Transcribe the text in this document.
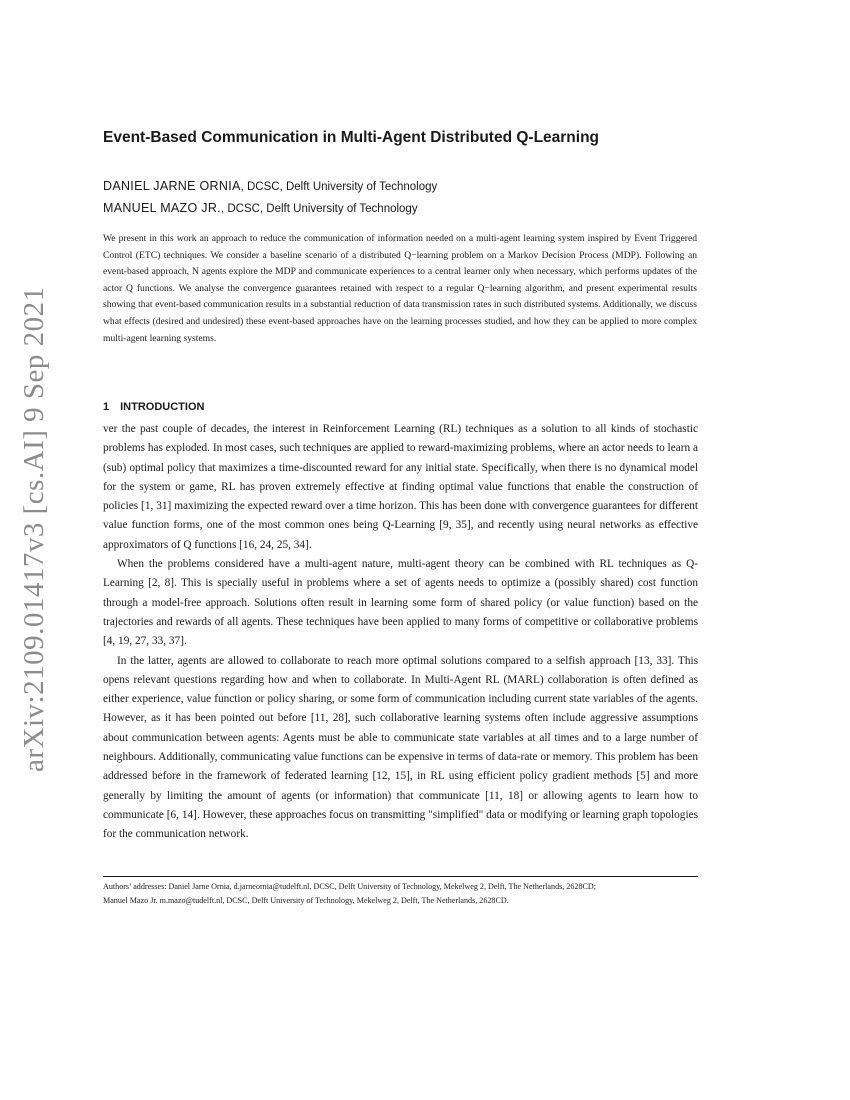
arXiv:2109.01417v3 [cs.AI] 9 Sep 2021
Event-Based Communication in Multi-Agent Distributed Q-Learning
DANIEL JARNE ORNIA, DCSC, Delft University of Technology
MANUEL MAZO JR., DCSC, Delft University of Technology
We present in this work an approach to reduce the communication of information needed on a multi-agent learning system inspired by Event Triggered Control (ETC) techniques. We consider a baseline scenario of a distributed Q−learning problem on a Markov Decision Process (MDP). Following an event-based approach, N agents explore the MDP and communicate experiences to a central learner only when necessary, which performs updates of the actor Q functions. We analyse the convergence guarantees retained with respect to a regular Q−learning algorithm, and present experimental results showing that event-based communication results in a substantial reduction of data transmission rates in such distributed systems. Additionally, we discuss what effects (desired and undesired) these event-based approaches have on the learning processes studied, and how they can be applied to more complex multi-agent learning systems.
1 INTRODUCTION

ver the past couple of decades, the interest in Reinforcement Learning (RL) techniques as a solution to all kinds of stochastic problems has exploded. In most cases, such techniques are applied to reward-maximizing problems, where an actor needs to learn a (sub) optimal policy that maximizes a time-discounted reward for any initial state. Specifically, when there is no dynamical model for the system or game, RL has proven extremely effective at finding optimal value functions that enable the construction of policies [1, 31] maximizing the expected reward over a time horizon. This has been done with convergence guarantees for different value function forms, one of the most common ones being Q-Learning [9, 35], and recently using neural networks as effective approximators of Q functions [16, 24, 25, 34].

When the problems considered have a multi-agent nature, multi-agent theory can be combined with RL techniques as Q-Learning [2, 8]. This is specially useful in problems where a set of agents needs to optimize a (possibly shared) cost function through a model-free approach. Solutions often result in learning some form of shared policy (or value function) based on the trajectories and rewards of all agents. These techniques have been applied to many forms of competitive or collaborative problems [4, 19, 27, 33, 37].

In the latter, agents are allowed to collaborate to reach more optimal solutions compared to a selfish approach [13, 33]. This opens relevant questions regarding how and when to collaborate. In Multi-Agent RL (MARL) collaboration is often defined as either experience, value function or policy sharing, or some form of communication including current state variables of the agents. However, as it has been pointed out before [11, 28], such collaborative learning systems often include aggressive assumptions about communication between agents: Agents must be able to communicate state variables at all times and to a large number of neighbours. Additionally, communicating value functions can be expensive in terms of data-rate or memory. This problem has been addressed before in the framework of federated learning [12, 15], in RL using efficient policy gradient methods [5] and more generally by limiting the amount of agents (or information) that communicate [11, 18] or allowing agents to learn how to communicate [6, 14]. However, these approaches focus on transmitting "simplified" data or modifying or learning graph topologies for the communication network.

Authors’ addresses: Daniel Jarne Ornia, d.jarneornia@tudelft.nl, DCSC, Delft University of Technology, Mekelweg 2, Delft, The Netherlands, 2628CD;
Manuel Mazo Jr. m.mazo@tudelft.nl, DCSC, Delft University of Technology, Mekelweg 2, Delft, The Netherlands, 2628CD.
